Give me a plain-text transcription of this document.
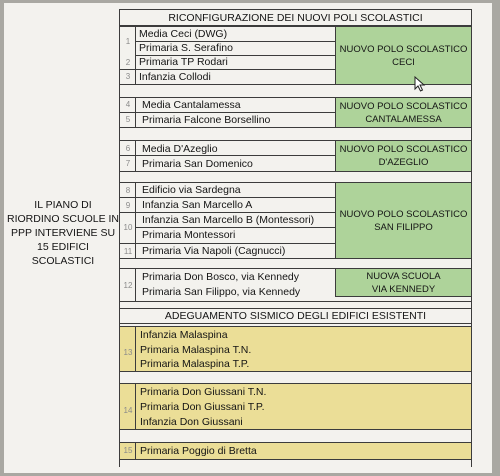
IL PIANO DI
RIORDINO SCUOLE IN
PPP INTERVIENE SU
15 EDIFICI
SCOLASTICI
RICONFIGURAZIONE DEI NUOVI POLI SCOLASTICI
1
2
3
Media Ceci (DWG)
Primaria S. Serafino
Primaria TP Rodari
Infanzia Collodi
NUOVO POLO SCOLASTICO
CECI
4
5
Media Cantalamessa
Primaria Falcone Borsellino
NUOVO POLO SCOLASTICO
CANTALAMESSA
6
7
Media D'Azeglio
Primaria San Domenico
NUOVO POLO SCOLASTICO
D'AZEGLIO
8
9
10
11
Edificio via Sardegna
Infanzia San Marcello A
Infanzia San Marcello B (Montessori)
Primaria Montessori
Primaria Via Napoli (Cagnucci)
NUOVO POLO SCOLASTICO
SAN FILIPPO
12
Primaria Don Bosco, via Kennedy
Primaria San Filippo, via Kennedy
NUOVA SCUOLA
VIA KENNEDY
ADEGUAMENTO SISMICO DEGLI EDIFICI ESISTENTI
13
Infanzia Malaspina
Primaria Malaspina T.N.
Primaria Malaspina T.P.
14
Primaria Don Giussani T.N.
Primaria Don Giussani T.P.
Infanzia Don Giussani
15 Primaria Poggio di Bretta
